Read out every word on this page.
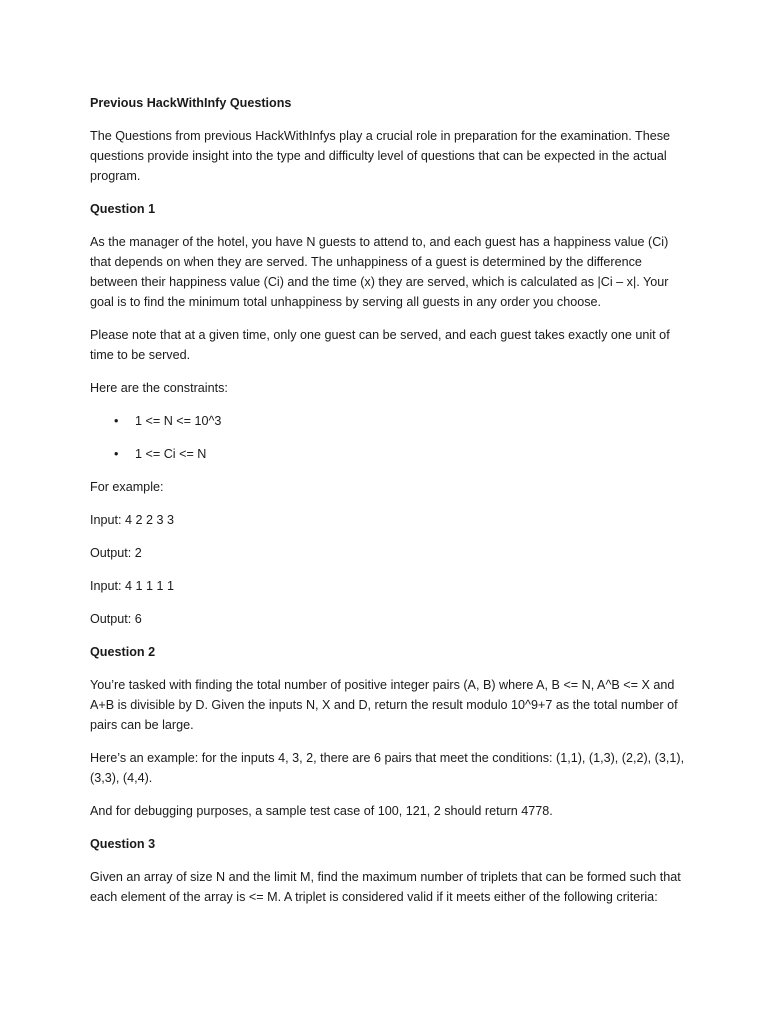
Previous HackWithInfy Questions

The Questions from previous HackWithInfys play a crucial role in preparation for the examination. These questions provide insight into the type and difficulty level of questions that can be expected in the actual program.

Question 1

As the manager of the hotel, you have N guests to attend to, and each guest has a happiness value (Ci) that depends on when they are served. The unhappiness of a guest is determined by the difference between their happiness value (Ci) and the time (x) they are served, which is calculated as |Ci – x|. Your goal is to find the minimum total unhappiness by serving all guests in any order you choose.

Please note that at a given time, only one guest can be served, and each guest takes exactly one unit of time to be served.

Here are the constraints:

• 1 <= N <= 10^3
• 1 <= Ci <= N

For example:

Input: 4 2 2 3 3

Output: 2

Input: 4 1 1 1 1

Output: 6

Question 2

You’re tasked with finding the total number of positive integer pairs (A, B) where A, B <= N, A^B <= X and A+B is divisible by D. Given the inputs N, X and D, return the result modulo 10^9+7 as the total number of pairs can be large.

Here’s an example: for the inputs 4, 3, 2, there are 6 pairs that meet the conditions: (1,1), (1,3), (2,2), (3,1), (3,3), (4,4).

And for debugging purposes, a sample test case of 100, 121, 2 should return 4778.

Question 3

Given an array of size N and the limit M, find the maximum number of triplets that can be formed such that each element of the array is <= M. A triplet is considered valid if it meets either of the following criteria:
